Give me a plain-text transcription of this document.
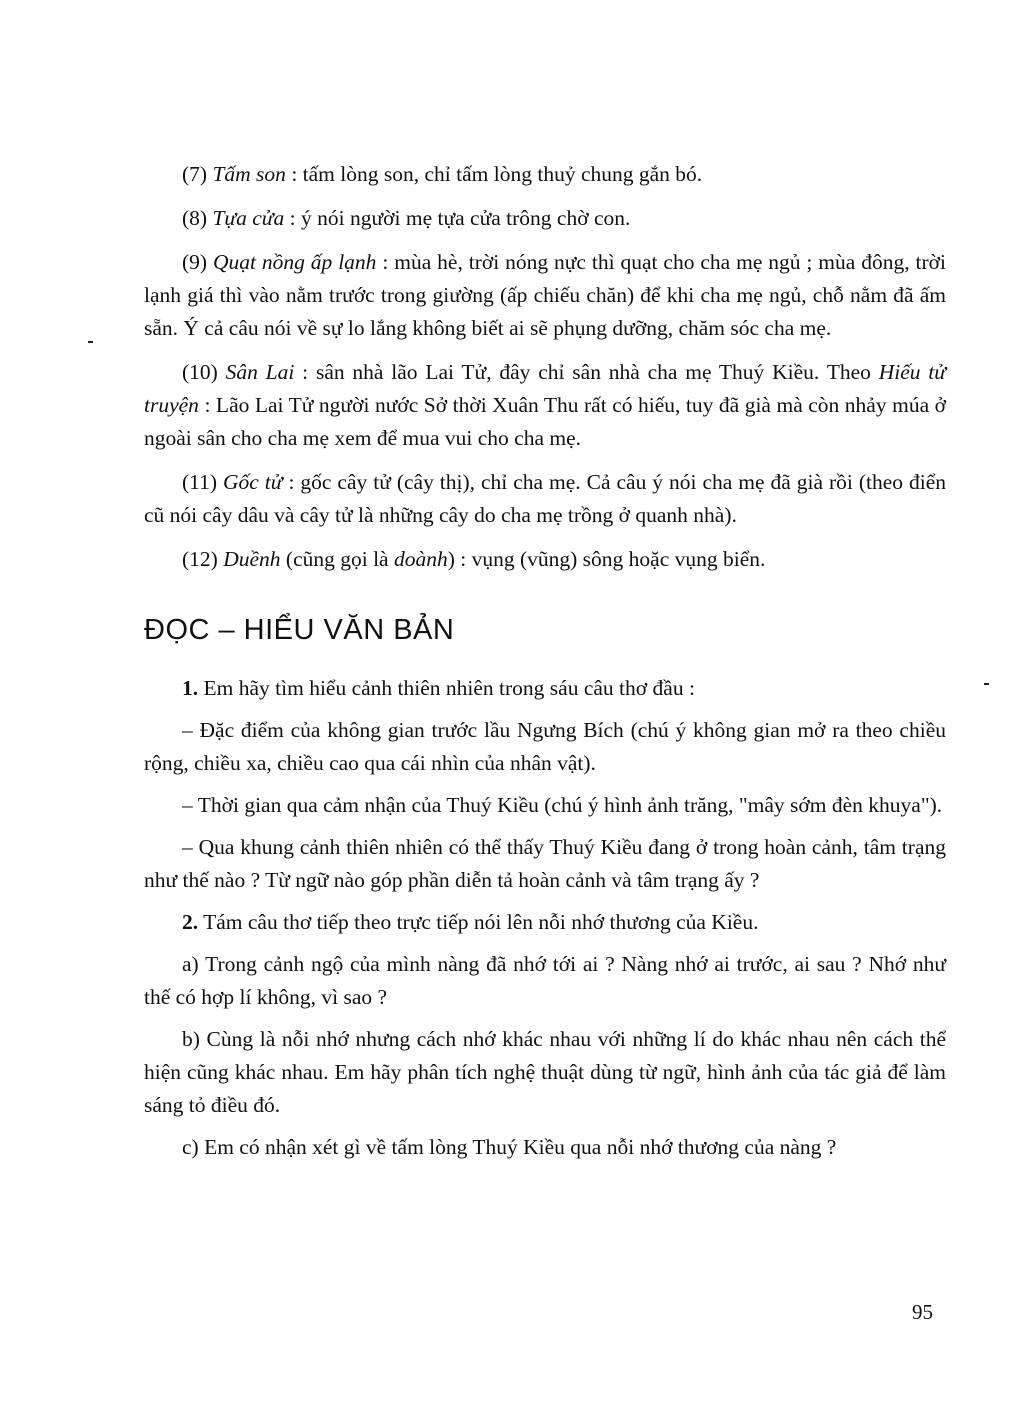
(7) Tấm son : tấm lòng son, chỉ tấm lòng thuỷ chung gắn bó.

(8) Tựa cửa : ý nói người mẹ tựa cửa trông chờ con.

(9) Quạt nồng ấp lạnh : mùa hè, trời nóng nực thì quạt cho cha mẹ ngủ ; mùa đông, trời lạnh giá thì vào nằm trước trong giường (ấp chiếu chăn) để khi cha mẹ ngủ, chỗ nằm đã ấm sẵn. Ý cả câu nói về sự lo lắng không biết ai sẽ phụng dưỡng, chăm sóc cha mẹ.

(10) Sân Lai : sân nhà lão Lai Tử, đây chỉ sân nhà cha mẹ Thuý Kiều. Theo Hiếu tử truyện : Lão Lai Tử người nước Sở thời Xuân Thu rất có hiếu, tuy đã già mà còn nhảy múa ở ngoài sân cho cha mẹ xem để mua vui cho cha mẹ.

(11) Gốc tử : gốc cây tử (cây thị), chỉ cha mẹ. Cả câu ý nói cha mẹ đã già rồi (theo điển cũ nói cây dâu và cây tử là những cây do cha mẹ trồng ở quanh nhà).

(12) Duềnh (cũng gọi là doành) : vụng (vũng) sông hoặc vụng biển.

ĐỌC – HIỂU VĂN BẢN

1. Em hãy tìm hiểu cảnh thiên nhiên trong sáu câu thơ đầu :

– Đặc điểm của không gian trước lầu Ngưng Bích (chú ý không gian mở ra theo chiều rộng, chiều xa, chiều cao qua cái nhìn của nhân vật).

– Thời gian qua cảm nhận của Thuý Kiều (chú ý hình ảnh trăng, "mây sớm đèn khuya").

– Qua khung cảnh thiên nhiên có thể thấy Thuý Kiều đang ở trong hoàn cảnh, tâm trạng như thế nào ? Từ ngữ nào góp phần diễn tả hoàn cảnh và tâm trạng ấy ?

2. Tám câu thơ tiếp theo trực tiếp nói lên nỗi nhớ thương của Kiều.

a) Trong cảnh ngộ của mình nàng đã nhớ tới ai ? Nàng nhớ ai trước, ai sau ? Nhớ như thế có hợp lí không, vì sao ?

b) Cùng là nỗi nhớ nhưng cách nhớ khác nhau với những lí do khác nhau nên cách thể hiện cũng khác nhau. Em hãy phân tích nghệ thuật dùng từ ngữ, hình ảnh của tác giả để làm sáng tỏ điều đó.

c) Em có nhận xét gì về tấm lòng Thuý Kiều qua nỗi nhớ thương của nàng ?

95
